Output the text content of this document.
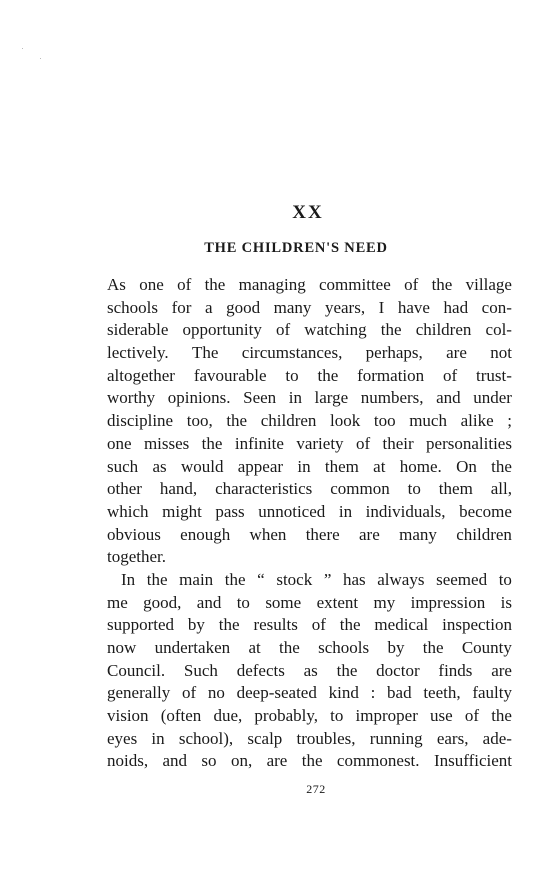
XX
THE CHILDREN'S NEED
As one of the managing committee of the village
schools for a good many years, I have had con-
siderable opportunity of watching the children col-
lectively. The circumstances, perhaps, are not
altogether favourable to the formation of trust-
worthy opinions. Seen in large numbers, and under
discipline too, the children look too much alike ;
one misses the infinite variety of their personalities
such as would appear in them at home. On the
other hand, characteristics common to them all,
which might pass unnoticed in individuals, become
obvious enough when there are many children
together.
In the main the “ stock ” has always seemed to
me good, and to some extent my impression is
supported by the results of the medical inspection
now undertaken at the schools by the County
Council. Such defects as the doctor finds are
generally of no deep-seated kind : bad teeth, faulty
vision (often due, probably, to improper use of the
eyes in school), scalp troubles, running ears, ade-
noids, and so on, are the commonest. Insufficient
272
